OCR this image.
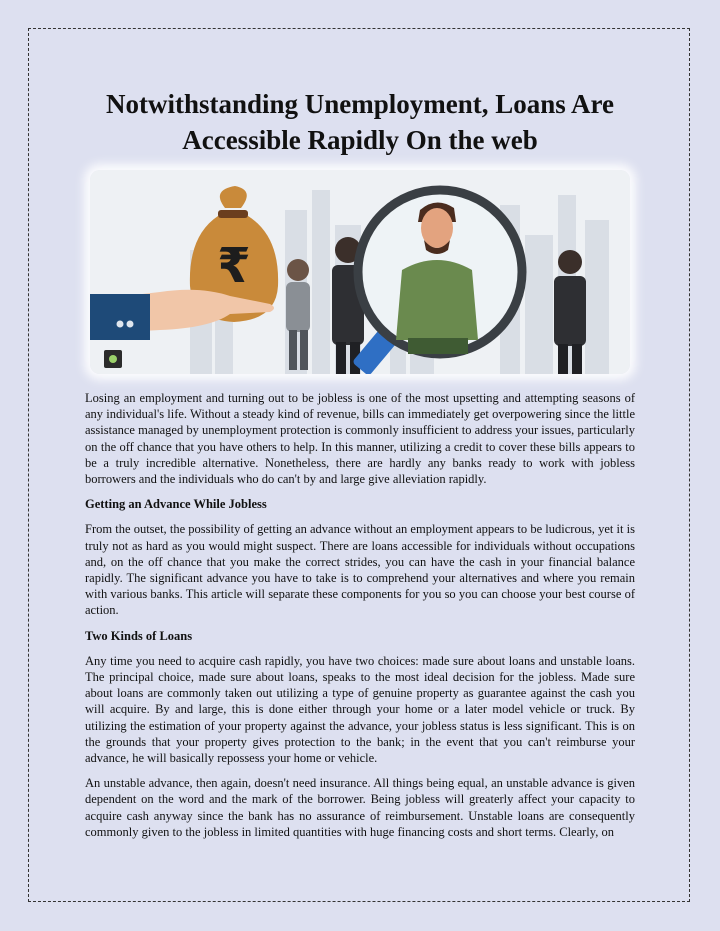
Notwithstanding Unemployment, Loans Are
Accessible Rapidly On the web
₹

Losing an employment and turning out to be jobless is one of the most upsetting and attempting seasons of any individual's life. Without a steady kind of revenue, bills can immediately get overpowering since the little assistance managed by unemployment protection is commonly insufficient to address your issues, particularly on the off chance that you have others to help. In this manner, utilizing a credit to cover these bills appears to be a truly incredible alternative. Nonetheless, there are hardly any banks ready to work with jobless borrowers and the individuals who do can't by and large give alleviation rapidly.

Getting an Advance While Jobless

From the outset, the possibility of getting an advance without an employment appears to be ludicrous, yet it is truly not as hard as you would might suspect. There are loans accessible for individuals without occupations and, on the off chance that you make the correct strides, you can have the cash in your financial balance rapidly. The significant advance you have to take is to comprehend your alternatives and where you remain with various banks. This article will separate these components for you so you can choose your best course of action.

Two Kinds of Loans

Any time you need to acquire cash rapidly, you have two choices: made sure about loans and unstable loans. The principal choice, made sure about loans, speaks to the most ideal decision for the jobless. Made sure about loans are commonly taken out utilizing a type of genuine property as guarantee against the cash you will acquire. By and large, this is done either through your home or a later model vehicle or truck. By utilizing the estimation of your property against the advance, your jobless status is less significant. This is on the grounds that your property gives protection to the bank; in the event that you can't reimburse your advance, he will basically repossess your home or vehicle.

An unstable advance, then again, doesn't need insurance. All things being equal, an unstable advance is given dependent on the word and the mark of the borrower. Being jobless will greaterly affect your capacity to acquire cash anyway since the bank has no assurance of reimbursement. Unstable loans are consequently commonly given to the jobless in limited quantities with huge financing costs and short terms. Clearly, on
